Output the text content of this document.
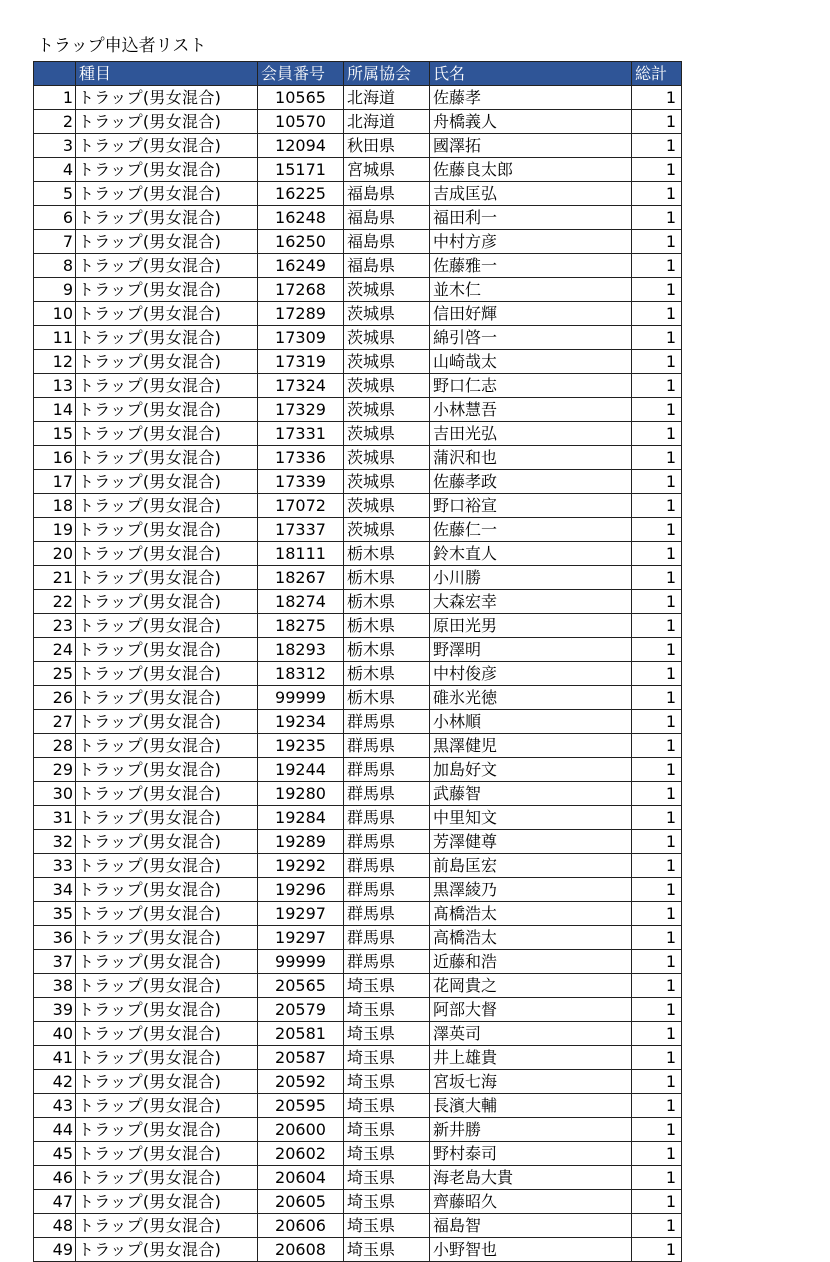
トラップ申込者リスト
	種目	会員番号	所属協会	氏名	総計
1	トラップ(男女混合)	10565	北海道	佐藤孝	1
2	トラップ(男女混合)	10570	北海道	舟橋義人	1
3	トラップ(男女混合)	12094	秋田県	國澤拓	1
4	トラップ(男女混合)	15171	宮城県	佐藤良太郎	1
5	トラップ(男女混合)	16225	福島県	吉成匡弘	1
6	トラップ(男女混合)	16248	福島県	福田利一	1
7	トラップ(男女混合)	16250	福島県	中村方彦	1
8	トラップ(男女混合)	16249	福島県	佐藤雅一	1
9	トラップ(男女混合)	17268	茨城県	並木仁	1
10	トラップ(男女混合)	17289	茨城県	信田好輝	1
11	トラップ(男女混合)	17309	茨城県	綿引啓一	1
12	トラップ(男女混合)	17319	茨城県	山崎哉太	1
13	トラップ(男女混合)	17324	茨城県	野口仁志	1
14	トラップ(男女混合)	17329	茨城県	小林慧吾	1
15	トラップ(男女混合)	17331	茨城県	吉田光弘	1
16	トラップ(男女混合)	17336	茨城県	蒲沢和也	1
17	トラップ(男女混合)	17339	茨城県	佐藤孝政	1
18	トラップ(男女混合)	17072	茨城県	野口裕宣	1
19	トラップ(男女混合)	17337	茨城県	佐藤仁一	1
20	トラップ(男女混合)	18111	栃木県	鈴木直人	1
21	トラップ(男女混合)	18267	栃木県	小川勝	1
22	トラップ(男女混合)	18274	栃木県	大森宏幸	1
23	トラップ(男女混合)	18275	栃木県	原田光男	1
24	トラップ(男女混合)	18293	栃木県	野澤明	1
25	トラップ(男女混合)	18312	栃木県	中村俊彦	1
26	トラップ(男女混合)	99999	栃木県	碓氷光徳	1
27	トラップ(男女混合)	19234	群馬県	小林順	1
28	トラップ(男女混合)	19235	群馬県	黒澤健児	1
29	トラップ(男女混合)	19244	群馬県	加島好文	1
30	トラップ(男女混合)	19280	群馬県	武藤智	1
31	トラップ(男女混合)	19284	群馬県	中里知文	1
32	トラップ(男女混合)	19289	群馬県	芳澤健尊	1
33	トラップ(男女混合)	19292	群馬県	前島匡宏	1
34	トラップ(男女混合)	19296	群馬県	黒澤綾乃	1
35	トラップ(男女混合)	19297	群馬県	髙橋浩太	1
36	トラップ(男女混合)	19297	群馬県	高橋浩太	1
37	トラップ(男女混合)	99999	群馬県	近藤和浩	1
38	トラップ(男女混合)	20565	埼玉県	花岡貴之	1
39	トラップ(男女混合)	20579	埼玉県	阿部大督	1
40	トラップ(男女混合)	20581	埼玉県	澤英司	1
41	トラップ(男女混合)	20587	埼玉県	井上雄貴	1
42	トラップ(男女混合)	20592	埼玉県	宮坂七海	1
43	トラップ(男女混合)	20595	埼玉県	長濱大輔	1
44	トラップ(男女混合)	20600	埼玉県	新井勝	1
45	トラップ(男女混合)	20602	埼玉県	野村泰司	1
46	トラップ(男女混合)	20604	埼玉県	海老島大貴	1
47	トラップ(男女混合)	20605	埼玉県	齊藤昭久	1
48	トラップ(男女混合)	20606	埼玉県	福島智	1
49	トラップ(男女混合)	20608	埼玉県	小野智也	1
